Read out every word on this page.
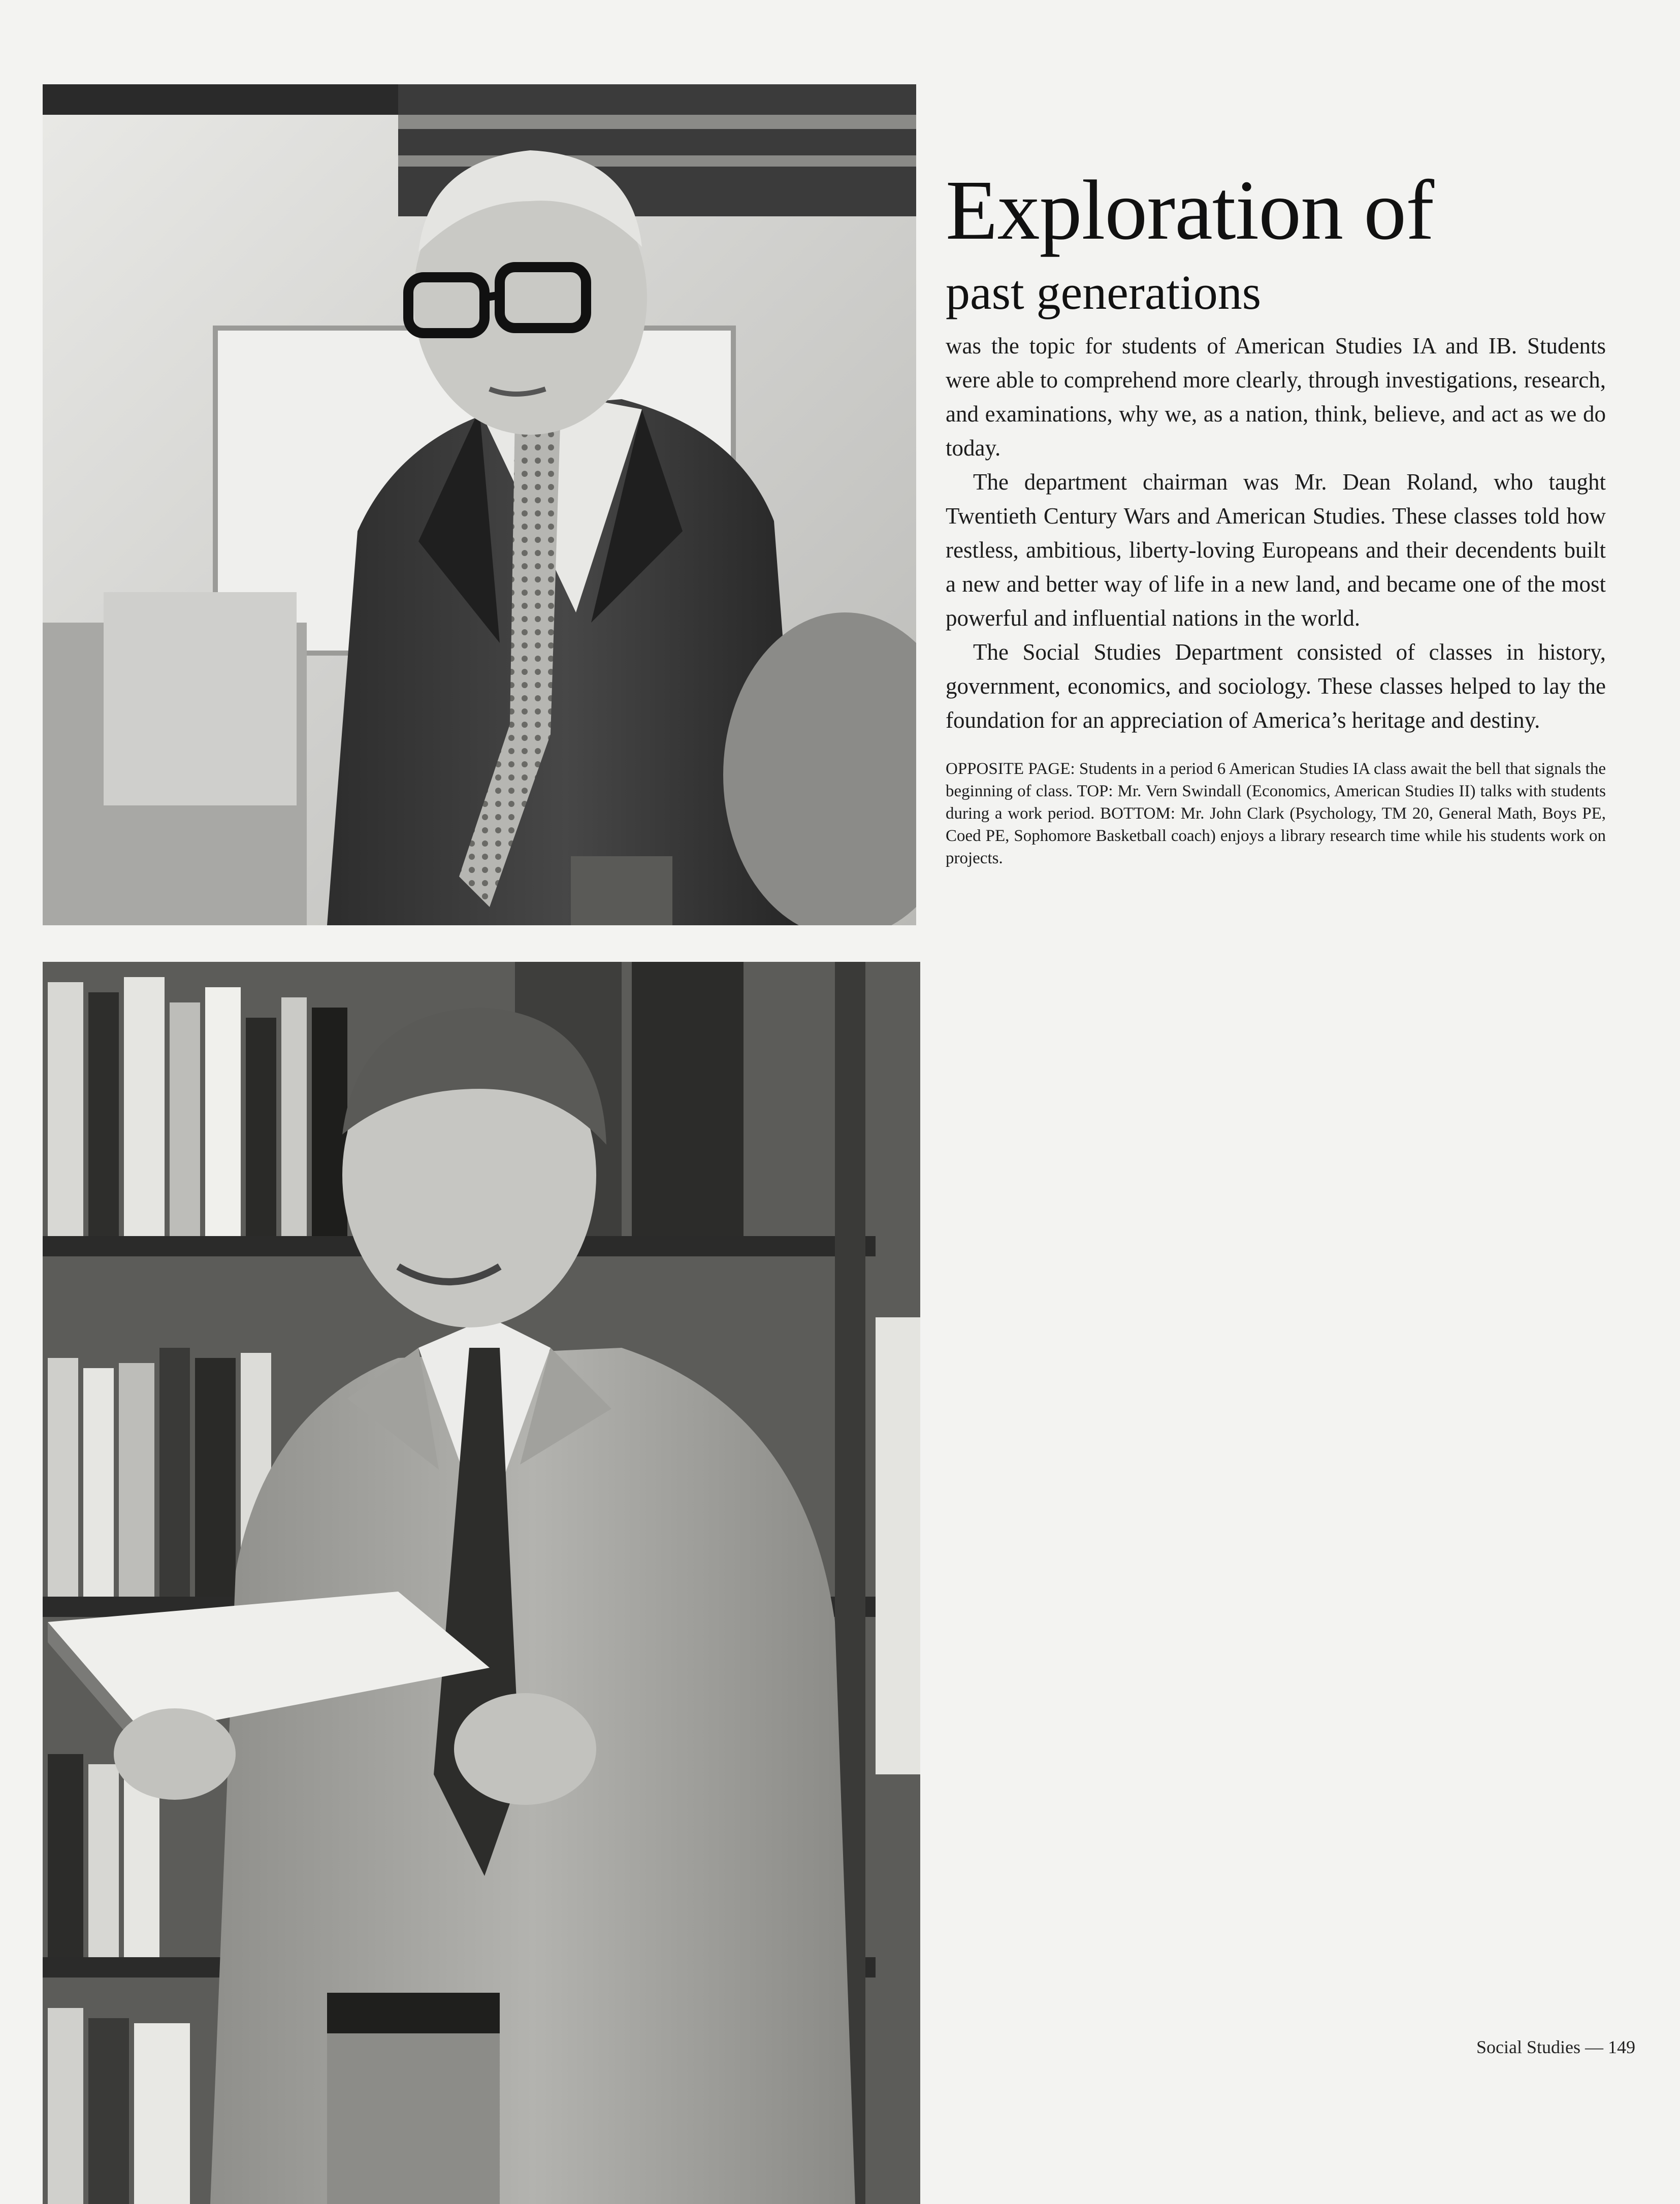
Exploration of
past generations

was the topic for students of American Studies IA and IB. Students were able to comprehend more clearly, through investigations, research, and examinations, why we, as a nation, think, believe, and act as we do today.

The department chairman was Mr. Dean Roland, who taught Twentieth Century Wars and American Studies. These classes told how restless, ambitious, liberty-loving Europeans and their decendents built a new and better way of life in a new land, and became one of the most powerful and influential nations in the world.

The Social Studies Department consisted of classes in history, government, economics, and sociology. These classes helped to lay the foundation for an appreciation of America’s heritage and destiny.

OPPOSITE PAGE: Students in a period 6 American Studies IA class await the bell that signals the beginning of class. TOP: Mr. Vern Swindall (Economics, American Studies II) talks with students during a work period. BOTTOM: Mr. John Clark (Psychology, TM 20, General Math, Boys PE, Coed PE, Sophomore Basketball coach) enjoys a library research time while his students work on projects.
Social Studies — 149
